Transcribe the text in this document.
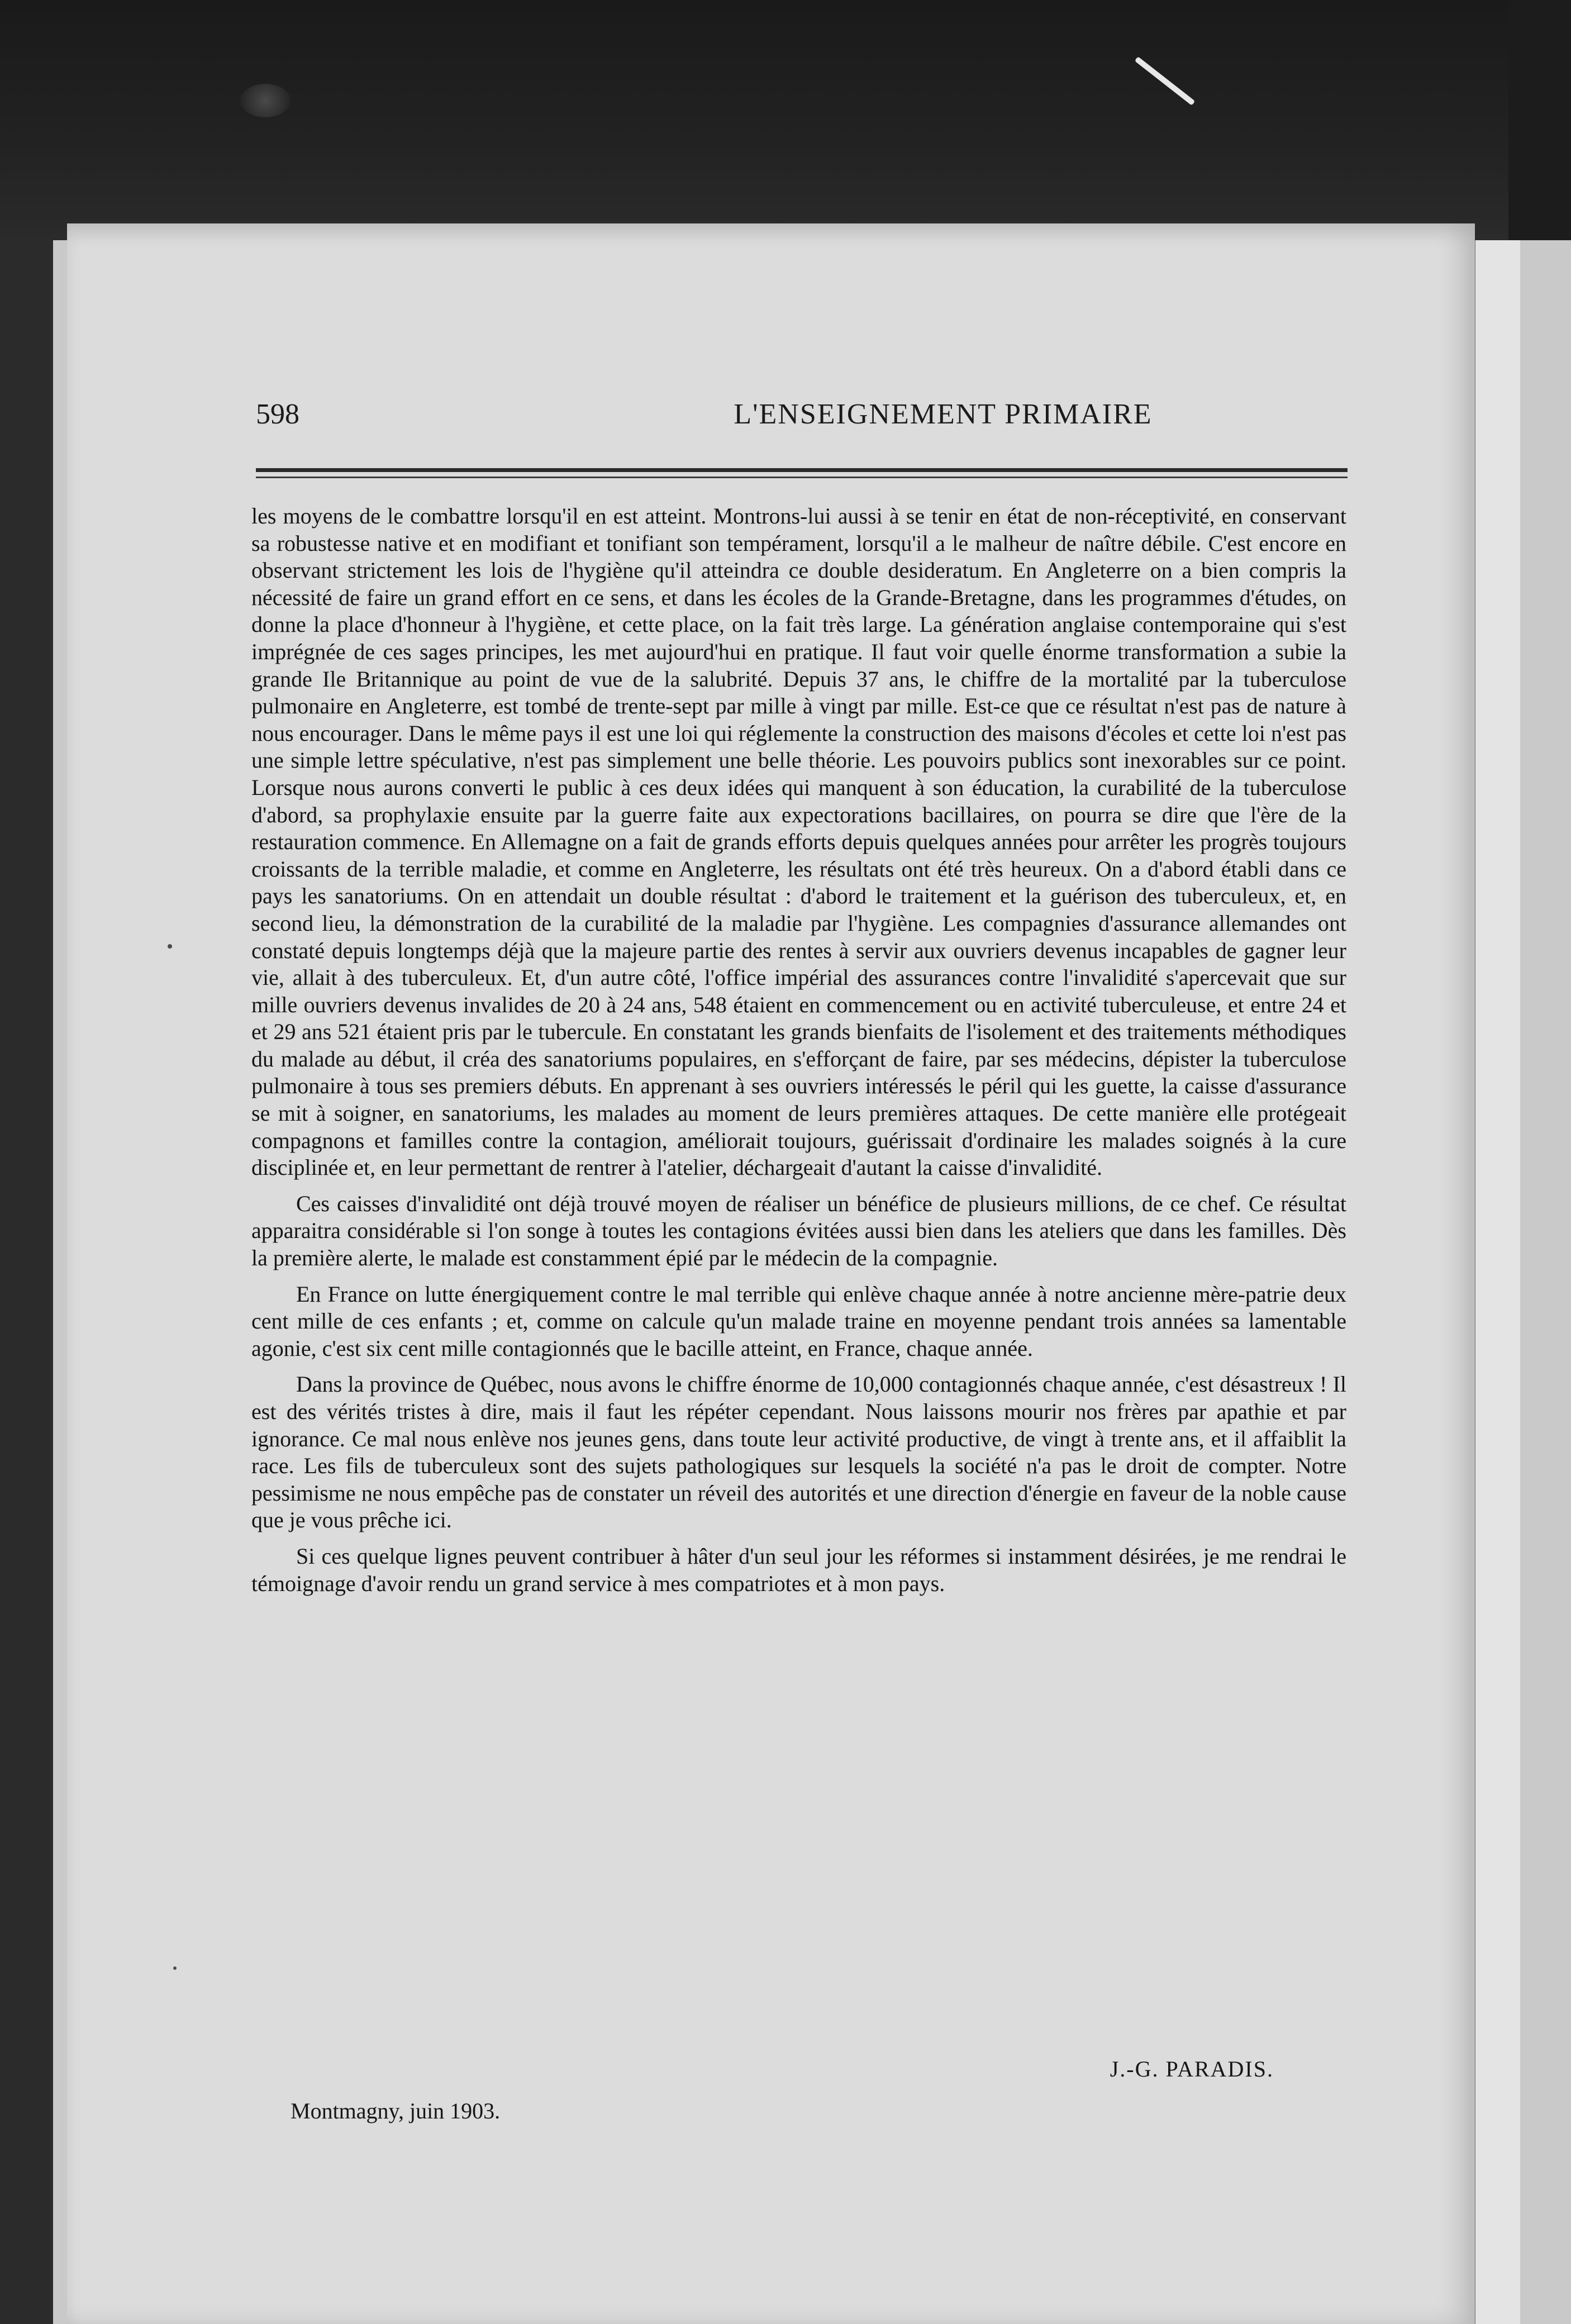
598	L'ENSEIGNEMENT PRIMAIRE

les moyens de le combattre lorsqu'il en est atteint. Montrons-lui aussi à se tenir en état de non-réceptivité, en conservant sa robustesse native et en modifiant et tonifiant son tempérament, lorsqu'il a le malheur de naître débile. C'est encore en observant strictement les lois de l'hygiène qu'il atteindra ce double desideratum. En Angleterre on a bien compris la nécessité de faire un grand effort en ce sens, et dans les écoles de la Grande-Bretagne, dans les programmes d'études, on donne la place d'honneur à l'hygiène, et cette place, on la fait très large. La génération anglaise contemporaine qui s'est imprégnée de ces sages principes, les met aujourd'hui en pratique. Il faut voir quelle énorme transformation a subie la grande Ile Britannique au point de vue de la salubrité. Depuis 37 ans, le chiffre de la mortalité par la tuberculose pulmonaire en Angleterre, est tombé de trente-sept par mille à vingt par mille. Est-ce que ce résultat n'est pas de nature à nous encourager. Dans le même pays il est une loi qui réglemente la construction des maisons d'écoles et cette loi n'est pas une simple lettre spéculative, n'est pas simplement une belle théorie. Les pouvoirs publics sont inexorables sur ce point. Lorsque nous aurons converti le public à ces deux idées qui manquent à son éducation, la curabilité de la tuberculose d'abord, sa prophylaxie ensuite par la guerre faite aux expectorations bacillaires, on pourra se dire que l'ère de la restauration commence. En Allemagne on a fait de grands efforts depuis quelques années pour arrêter les progrès toujours croissants de la terrible maladie, et comme en Angleterre, les résultats ont été très heureux. On a d'abord établi dans ce pays les sanatoriums. On en attendait un double résultat : d'abord le traitement et la guérison des tuberculeux, et, en second lieu, la démonstration de la curabilité de la maladie par l'hygiène. Les compagnies d'assurance allemandes ont constaté depuis longtemps déjà que la majeure partie des rentes à servir aux ouvriers devenus incapables de gagner leur vie, allait à des tuberculeux. Et, d'un autre côté, l'office impérial des assurances contre l'invalidité s'apercevait que sur mille ouvriers devenus invalides de 20 à 24 ans, 548 étaient en commencement ou en activité tuberculeuse, et entre 24 et et 29 ans 521 étaient pris par le tubercule. En constatant les grands bienfaits de l'isolement et des traitements méthodiques du malade au début, il créa des sanatoriums populaires, en s'efforçant de faire, par ses médecins, dépister la tuberculose pulmonaire à tous ses premiers débuts. En apprenant à ses ouvriers intéressés le péril qui les guette, la caisse d'assurance se mit à soigner, en sanatoriums, les malades au moment de leurs premières attaques. De cette manière elle protégeait compagnons et familles contre la contagion, améliorait toujours, guérissait d'ordinaire les malades soignés à la cure disciplinée et, en leur permettant de rentrer à l'atelier, déchargeait d'autant la caisse d'invalidité.

Ces caisses d'invalidité ont déjà trouvé moyen de réaliser un bénéfice de plusieurs millions, de ce chef. Ce résultat apparaitra considérable si l'on songe à toutes les contagions évitées aussi bien dans les ateliers que dans les familles. Dès la première alerte, le malade est constamment épié par le médecin de la compagnie.

En France on lutte énergiquement contre le mal terrible qui enlève chaque année à notre ancienne mère-patrie deux cent mille de ces enfants ; et, comme on calcule qu'un malade traine en moyenne pendant trois années sa lamentable agonie, c'est six cent mille contagionnés que le bacille atteint, en France, chaque année.

Dans la province de Québec, nous avons le chiffre énorme de 10,000 contagionnés chaque année, c'est désastreux ! Il est des vérités tristes à dire, mais il faut les répéter cependant. Nous laissons mourir nos frères par apathie et par ignorance. Ce mal nous enlève nos jeunes gens, dans toute leur activité productive, de vingt à trente ans, et il affaiblit la race. Les fils de tuberculeux sont des sujets pathologiques sur lesquels la société n'a pas le droit de compter. Notre pessimisme ne nous empêche pas de constater un réveil des autorités et une direction d'énergie en faveur de la noble cause que je vous prêche ici.

Si ces quelque lignes peuvent contribuer à hâter d'un seul jour les réformes si instamment désirées, je me rendrai le témoignage d'avoir rendu un grand service à mes compatriotes et à mon pays.

J.-G. PARADIS.
Montmagny, juin 1903.
